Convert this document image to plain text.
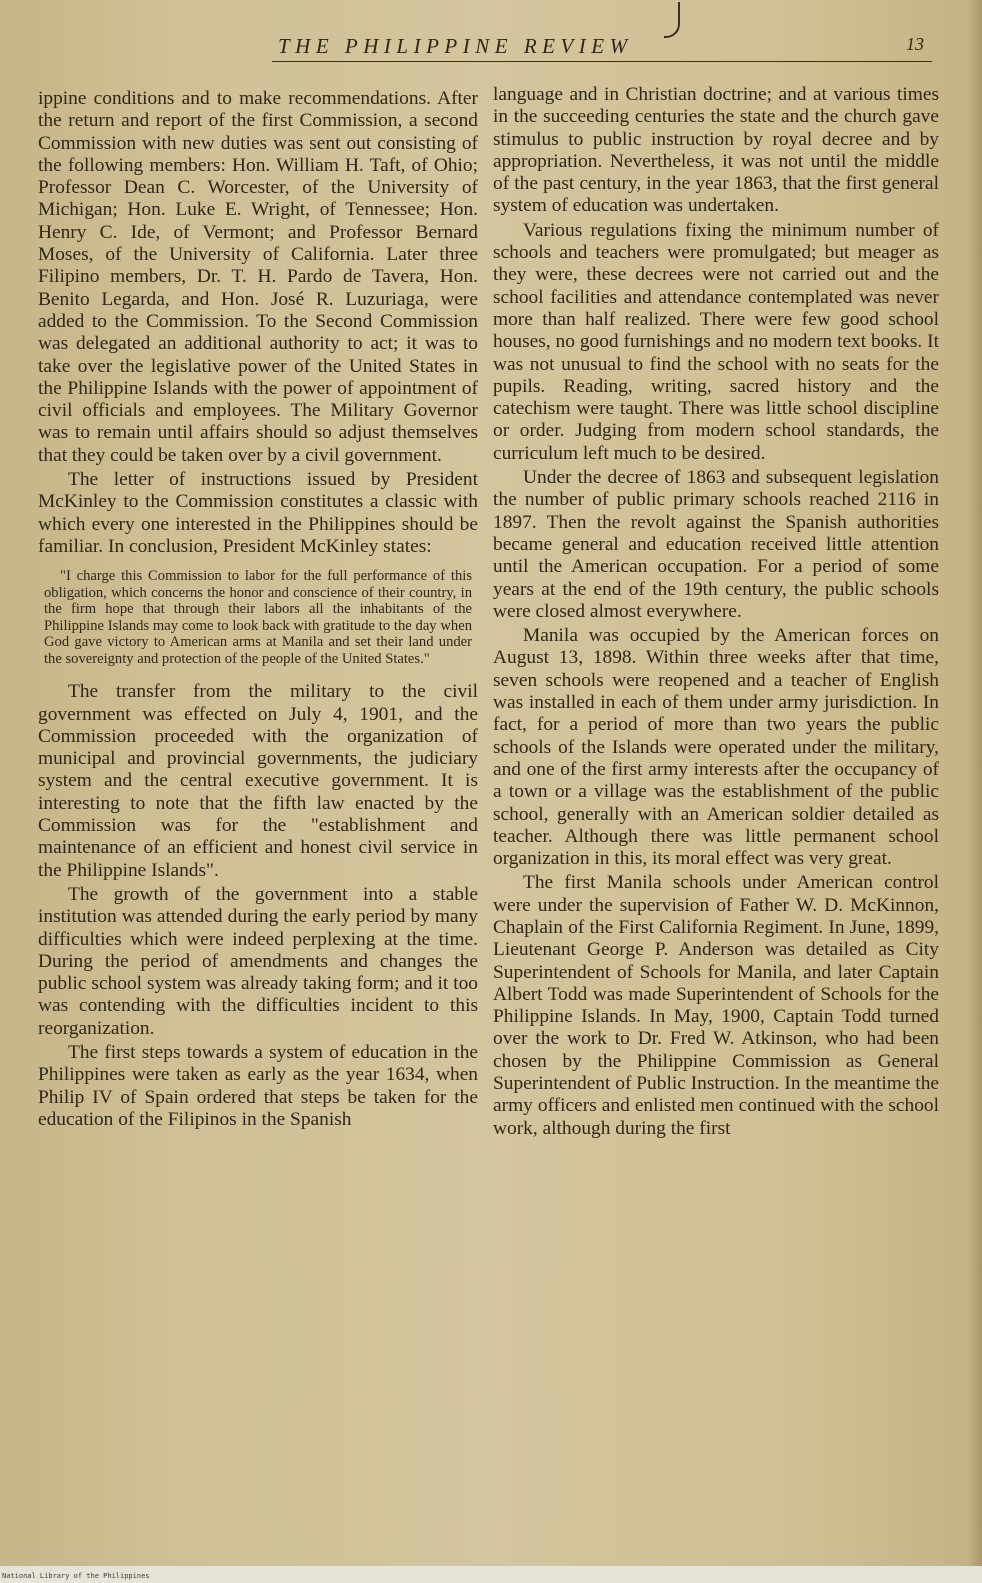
THE PHILIPPINE REVIEW	13

ippine conditions and to make recommendations. After the return and report of the first Commission, a second Commission with new duties was sent out consisting of the following members: Hon. William H. Taft, of Ohio; Professor Dean C. Worcester, of the University of Michigan; Hon. Luke E. Wright, of Tennessee; Hon. Henry C. Ide, of Vermont; and Professor Bernard Moses, of the University of California. Later three Filipino members, Dr. T. H. Pardo de Tavera, Hon. Benito Legarda, and Hon. José R. Luzuriaga, were added to the Commission. To the Second Commission was delegated an additional authority to act; it was to take over the legislative power of the United States in the Philippine Islands with the power of appointment of civil officials and employees. The Military Governor was to remain until affairs should so adjust themselves that they could be taken over by a civil government.

The letter of instructions issued by President McKinley to the Commission constitutes a classic with which every one interested in the Philippines should be familiar. In conclusion, President McKinley states:

"I charge this Commission to labor for the full performance of this obligation, which concerns the honor and conscience of their country, in the firm hope that through their labors all the inhabitants of the Philippine Islands may come to look back with gratitude to the day when God gave victory to American arms at Manila and set their land under the sovereignty and protection of the people of the United States."

The transfer from the military to the civil government was effected on July 4, 1901, and the Commission proceeded with the organization of municipal and provincial governments, the judiciary system and the central executive government. It is interesting to note that the fifth law enacted by the Commission was for the "establishment and maintenance of an efficient and honest civil service in the Philippine Islands".

The growth of the government into a stable institution was attended during the early period by many difficulties which were indeed perplexing at the time. During the period of amendments and changes the public school system was already taking form; and it too was contending with the difficulties incident to this reorganization.

The first steps towards a system of education in the Philippines were taken as early as the year 1634, when Philip IV of Spain ordered that steps be taken for the education of the Filipinos in the Spanish

language and in Christian doctrine; and at various times in the succeeding centuries the state and the church gave stimulus to public instruction by royal decree and by appropriation. Nevertheless, it was not until the middle of the past century, in the year 1863, that the first general system of education was undertaken.

Various regulations fixing the minimum number of schools and teachers were promulgated; but meager as they were, these decrees were not carried out and the school facilities and attendance contemplated was never more than half realized. There were few good school houses, no good furnishings and no modern text books. It was not unusual to find the school with no seats for the pupils. Reading, writing, sacred history and the catechism were taught. There was little school discipline or order. Judging from modern school standards, the curriculum left much to be desired.

Under the decree of 1863 and subsequent legislation the number of public primary schools reached 2116 in 1897. Then the revolt against the Spanish authorities became general and education received little attention until the American occupation. For a period of some years at the end of the 19th century, the public schools were closed almost everywhere.

Manila was occupied by the American forces on August 13, 1898. Within three weeks after that time, seven schools were reopened and a teacher of English was installed in each of them under army jurisdiction. In fact, for a period of more than two years the public schools of the Islands were operated under the military, and one of the first army interests after the occupancy of a town or a village was the establishment of the public school, generally with an American soldier detailed as teacher. Although there was little permanent school organization in this, its moral effect was very great.

The first Manila schools under American control were under the supervision of Father W. D. McKinnon, Chaplain of the First California Regiment. In June, 1899, Lieutenant George P. Anderson was detailed as City Superintendent of Schools for Manila, and later Captain Albert Todd was made Superintendent of Schools for the Philippine Islands. In May, 1900, Captain Todd turned over the work to Dr. Fred W. Atkinson, who had been chosen by the Philippine Commission as General Superintendent of Public Instruction. In the meantime the army officers and enlisted men continued with the school work, although during the first

National Library of the Philippines
